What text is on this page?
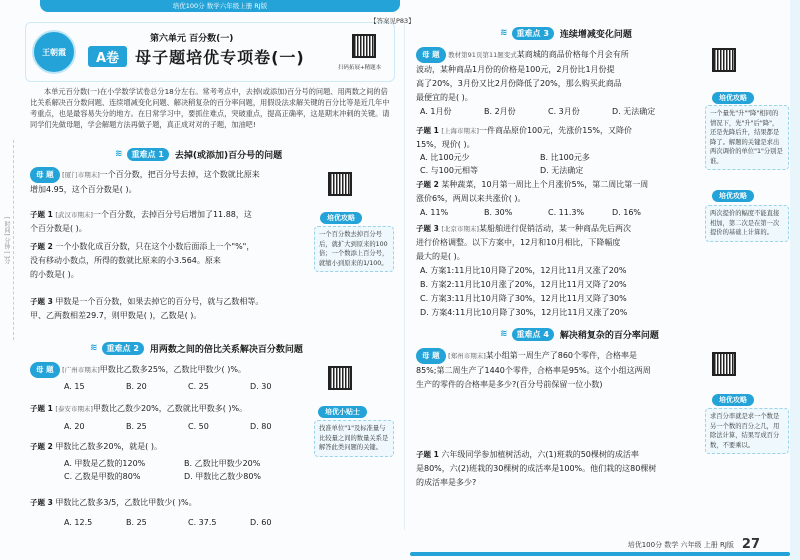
培优100分 数学六年级上册 RJ版
[ 时间] 分钟 [ ]分
【答案见P83】
王朝霞
第六单元 百分数(一)
A卷	母子题培优专项卷(一)
扫码拓展+精题本
本单元百分数(一)在小学数学试卷总分18分左右。常考考点中，去掉(或添加)百分号的问题、用两数之间的倍比关系解决百分数问题、连续增减变化问题、解决稍复杂的百分率问题，用假设法求解关键的百分比等是近几年中考重点，也是最容易失分的地方。在日常学习中，要抓住难点，突破重点，提高正确率，这是期末冲刺的关键。请同学们先做母题，学会解题方法再做子题，真正成对对的子题，加油吧!
≋	重难点 1	去掉(或添加)百分号的问题
母 题 [厦门市期末]一个百分数，把百分号去掉，这个数就比原来
增加4.95，这个百分数是( )。
子题 1 [武汉市期末]一个百分数，去掉百分号后增加了11.88，这
个百分数是( )。
子题 2 一个小数化成百分数，只在这个小数后面添上一个"%"，
没有移动小数点，所得的数就比原来的小3.564。原来
的小数是( )。
子题 3 甲数是一个百分数，如果去掉它的百分号，就与乙数相等。
甲、乙两数相差29.7，则甲数是( )，乙数是( )。
培优攻略
一个百分数去掉百分号后，就扩大到原来的100倍；一个数添上百分号，就缩小到原来的1/100。
≋	重难点 2	用两数之间的倍比关系解决百分数问题
母 题 [广州市期末]甲数比乙数多25%，乙数比甲数少( )%。
A. 15	B. 20	C. 25	D. 30
子题 1 [泰安市期末]甲数比乙数少20%，乙数就比甲数多( )%。
A. 20	B. 25	C. 50	D. 80
子题 2 甲数比乙数多20%，就是( )。
A. 甲数是乙数的120%	B. 乙数比甲数少20%
C. 乙数是甲数的80%	D. 甲数比乙数少80%
子题 3 甲数比乙数多3/5，乙数比甲数少( )%。
A. 12.5	B. 25	C. 37.5	D. 60
培优小贴士
找准单位"1"及标准量与比较量之间的数量关系是解答此类问题的关键。
≋	重难点 3	连续增减变化问题
母 题 教材第91页第11题变式某商城的商品价格每个月会有所
波动，某种商品1月份的价格是100元，2月份比1月份提
高了20%，3月份又比2月份降低了20%，那么购买此商品
最便宜的是( )。
A. 1月份	B. 2月份	C. 3月份	D. 无法确定
子题 1 [上海市期末]一件商品原价100元，先涨价15%，又降价
15%，现价( )。
A. 比100元少	B. 比100元多
C. 与100元相等	D. 无法确定
子题 2 某种蔬菜，10月第一周比上个月涨价5%，第二周比第一周
涨价6%，两周以来共涨价( )。
A. 11%	B. 30%	C. 11.3%	D. 16%
子题 3 [北京市期末]某船舶进行促销活动，某一种商品先后两次
进行价格调整。以下方案中，12月和10月相比，下降幅度
最大的是( )。
A. 方案1:11月比10月降了20%，12月比11月又涨了20%
B. 方案2:11月比10月涨了20%，12月比11月又降了20%
C. 方案3:11月比10月降了30%，12月比11月又降了30%
D. 方案4:11月比10月降了30%，12月比11月又涨了20%
培优攻略
一个量先"升""降"相同的情况下，先"升"后"降"，还是先降后升，结果都是降了。解题的关键是求出两次调价的单位"1"分别是谁。
培优攻略
两次提价的幅度不能直接相加，第二次是在第一次提价的基础上计算的。
≋	重难点 4	解决稍复杂的百分率问题
母 题 [郑州市期末]某小组第一周生产了860个零件，合格率是
85%;第二周生产了1440个零件，合格率是95%。这个小组这两周
生产的零件的合格率是多少?(百分号前保留一位小数)
子题 1 六年级同学参加植树活动，六(1)班栽的50棵树的成活率
是80%，六(2)班栽的30棵树的成活率是100%。他们栽的这80棵树
的成活率是多少?
培优攻略
求百分率就是求一个数是另一个数的百分之几，用除法计算，结果写成百分数，不要乘以。
培优100分 数学 六年级 上册 RJ版 27
